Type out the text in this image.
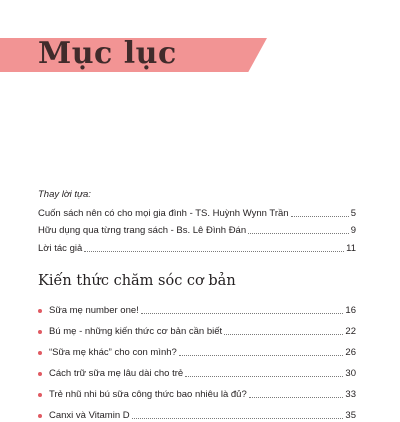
Mục lục
Thay lời tựa:
Cuốn sách nên có cho mọi gia đình - TS. Huỳnh Wynn Trần	5
Hữu dụng qua từng trang sách - Bs. Lê Đình Đán	9
Lời tác giả	11
Kiến thức chăm sóc cơ bản
Sữa mẹ number one!	16
Bú mẹ - những kiến thức cơ bản cần biết	22
“Sữa mẹ khác” cho con mình?	26
Cách trữ sữa mẹ lâu dài cho trẻ	30
Trẻ nhũ nhi bú sữa công thức bao nhiêu là đủ?	33
Canxi và Vitamin D	35
